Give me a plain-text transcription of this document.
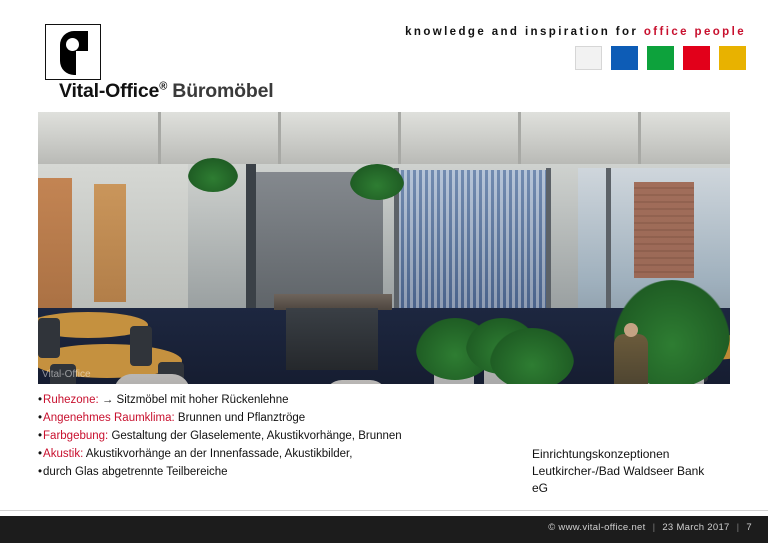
Vital-Office® Büromöbel
knowledge and inspiration for office people
Vital-Office
•Ruhezone: → Sitzmöbel mit hoher Rückenlehne
•Angenehmes Raumklima: Brunnen und Pflanztröge
•Farbgebung: Gestaltung der Glaselemente, Akustikvorhänge, Brunnen
•Akustik: Akustikvorhänge an der Innenfassade, Akustikbilder,
•durch Glas abgetrennte Teilbereiche
Einrichtungskonzeptionen
Leutkircher-/Bad Waldseer Bank
eG
© www.vital-office.net | 23 March 2017 | 7
